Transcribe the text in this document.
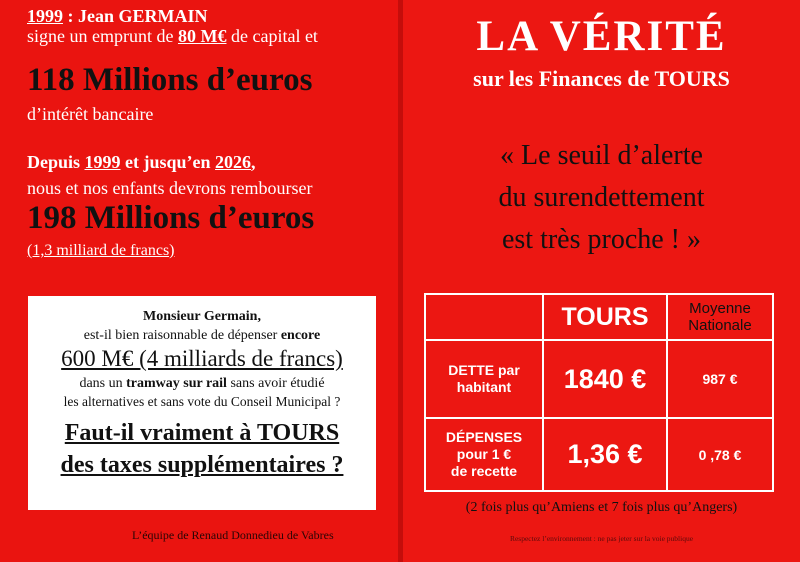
1999 : Jean GERMAIN

signe un emprunt de 80 M€ de capital et

118 Millions d’euros

d’intérêt bancaire

Depuis 1999 et jusqu’en 2026,

nous et nos enfants devrons rembourser

198 Millions d’euros

(1,3 milliard de francs)

Monsieur Germain,
est-il bien raisonnable de dépenser encore
600 M€ (4 milliards de francs)
dans un tramway sur rail sans avoir étudié
les alternatives et sans vote du Conseil Municipal ?
Faut-il vraiment à TOURS
des taxes supplémentaires ?

L’équipe de Renaud Donnedieu de Vabres

LA VÉRITÉ

sur les Finances de TOURS

« Le seuil d’alerte

du surendettement

est très proche ! »

	TOURS	Moyenne
Nationale

DETTE par
habitant	1840 €	987 €

DÉPENSES
pour 1 €
de recette	1,36 €	0 ,78 €

(2 fois plus qu’Amiens et 7 fois plus qu’Angers)

Respectez l’environnement : ne pas jeter sur la voie publique
